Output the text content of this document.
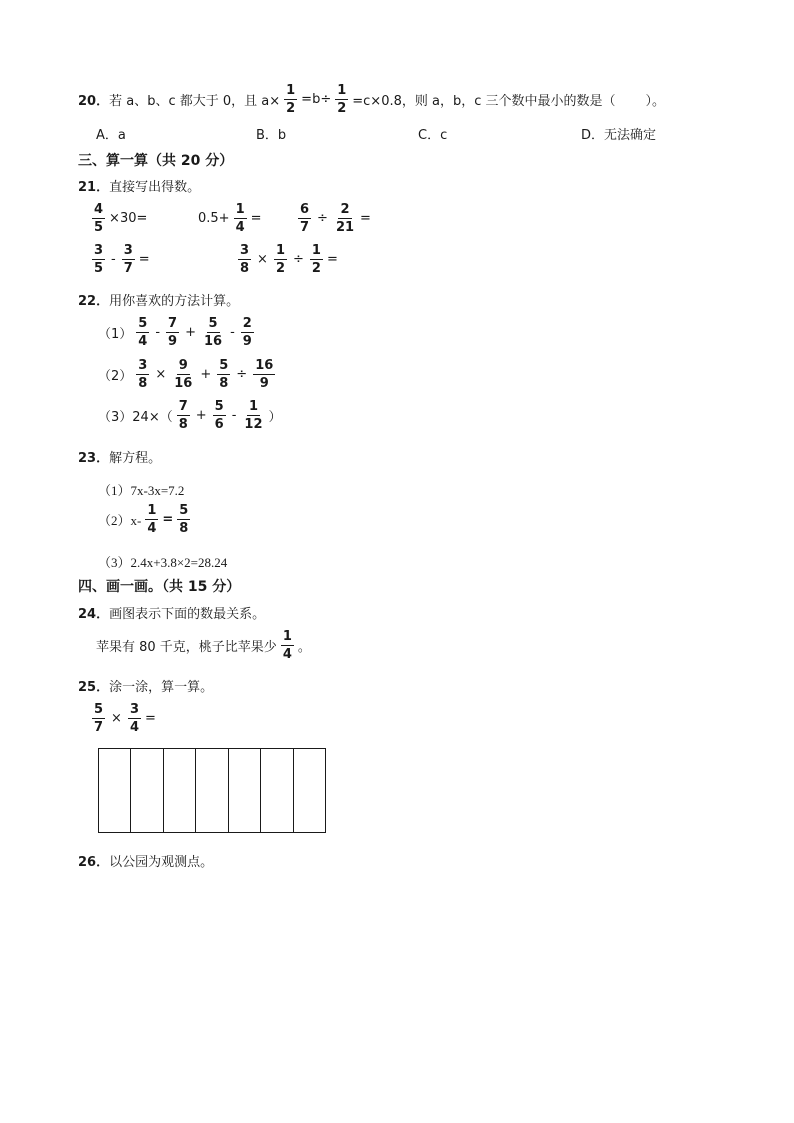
20． 若 a、b、c 都大于 0，且 $a\times \frac{1}{2} =b\div \frac{1}{2} =c\times 0.8$，则 a，b，c 三个数中最小的数是（ ）。
A．a	B．b	C．c	D．无法确定
三、算一算（共 20 分）
21． 直接写出得数。
$\frac{4}{5} \times 30=$	$0.5+ \frac{1}{4}$ =	$\frac{6}{7} \div \frac{2}{21}$ =
$\frac{3}{5} - \frac{3}{7}$ =	$\frac{3}{8} \times \frac{1}{2} \div \frac{1}{2}$ =
22． 用你喜欢的方法计算。
$(1) \frac{5}{4} - \frac{7}{9} + \frac{5}{16} - \frac{2}{9}$
$(2) \frac{3}{8} \times \frac{9}{16} + \frac{5}{8} \div \frac{16}{9}$
（3） $24\times( \frac{7}{8} + \frac{5}{6} - \frac{1}{12}$ ）
23． 解方程。
（1）7x-3x=7.2
$(2)x- \frac{1}{4} = \frac{5}{8}$
（3）2.4x+3.8×2=28.24
四、画一画。（共 15 分）
24． 画图表示下面的数最关系。
苹果有 80 千克，桃子比苹果少 $\frac{1}{4}$ 。
25． 涂一涂，算一算。
$\frac{5}{7} \times \frac{3}{4}$ =
26． 以公园为观测点。
